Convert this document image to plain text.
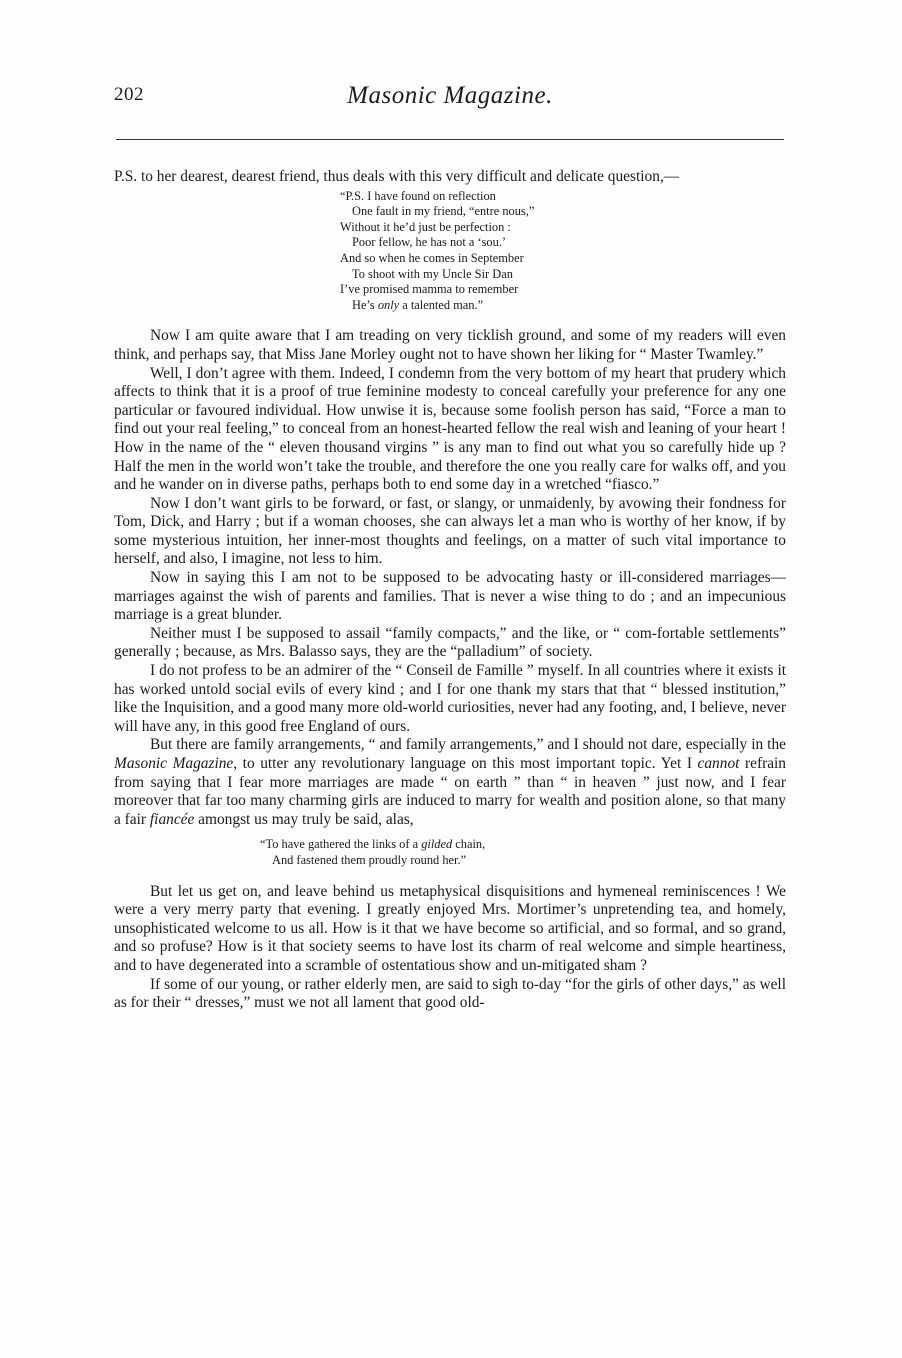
202	Masonic Magazine.

P.S. to her dearest, dearest friend, thus deals with this very difficult and delicate question,—

“P.S. I have found on reflection
One fault in my friend, “entre nous,”
Without it he’d just be perfection :
Poor fellow, he has not a ‘sou.’
And so when he comes in September
To shoot with my Uncle Sir Dan
I’ve promised mamma to remember
He’s only a talented man.”

Now I am quite aware that I am treading on very ticklish ground, and some of my readers will even think, and perhaps say, that Miss Jane Morley ought not to have shown her liking for “ Master Twamley.”

Well, I don’t agree with them. Indeed, I condemn from the very bottom of my heart that prudery which affects to think that it is a proof of true feminine modesty to conceal carefully your preference for any one particular or favoured individual. How unwise it is, because some foolish person has said, “Force a man to find out your real feeling,” to conceal from an honest-hearted fellow the real wish and leaning of your heart ! How in the name of the “ eleven thousand virgins ” is any man to find out what you so carefully hide up ? Half the men in the world won’t take the trouble, and therefore the one you really care for walks off, and you and he wander on in diverse paths, perhaps both to end some day in a wretched “fiasco.”

Now I don’t want girls to be forward, or fast, or slangy, or unmaidenly, by avowing their fondness for Tom, Dick, and Harry ; but if a woman chooses, she can always let a man who is worthy of her know, if by some mysterious intuition, her inner-most thoughts and feelings, on a matter of such vital importance to herself, and also, I imagine, not less to him.

Now in saying this I am not to be supposed to be advocating hasty or ill-considered marriages—marriages against the wish of parents and families. That is never a wise thing to do ; and an impecunious marriage is a great blunder.

Neither must I be supposed to assail “family compacts,” and the like, or “ com-fortable settlements” generally ; because, as Mrs. Balasso says, they are the “palladium” of society.

I do not profess to be an admirer of the “ Conseil de Famille ” myself. In all countries where it exists it has worked untold social evils of every kind ; and I for one thank my stars that that “ blessed institution,” like the Inquisition, and a good many more old-world curiosities, never had any footing, and, I believe, never will have any, in this good free England of ours.

But there are family arrangements, “ and family arrangements,” and I should not dare, especially in the Masonic Magazine, to utter any revolutionary language on this most important topic. Yet I cannot refrain from saying that I fear more marriages are made “ on earth ” than “ in heaven ” just now, and I fear moreover that far too many charming girls are induced to marry for wealth and position alone, so that many a fair fiancée amongst us may truly be said, alas,

“To have gathered the links of a gilded chain,
And fastened them proudly round her.”

But let us get on, and leave behind us metaphysical disquisitions and hymeneal reminiscences ! We were a very merry party that evening. I greatly enjoyed Mrs. Mortimer’s unpretending tea, and homely, unsophisticated welcome to us all. How is it that we have become so artificial, and so formal, and so grand, and so profuse? How is it that society seems to have lost its charm of real welcome and simple heartiness, and to have degenerated into a scramble of ostentatious show and un-mitigated sham ?

If some of our young, or rather elderly men, are said to sigh to-day “for the girls of other days,” as well as for their “ dresses,” must we not all lament that good old-
